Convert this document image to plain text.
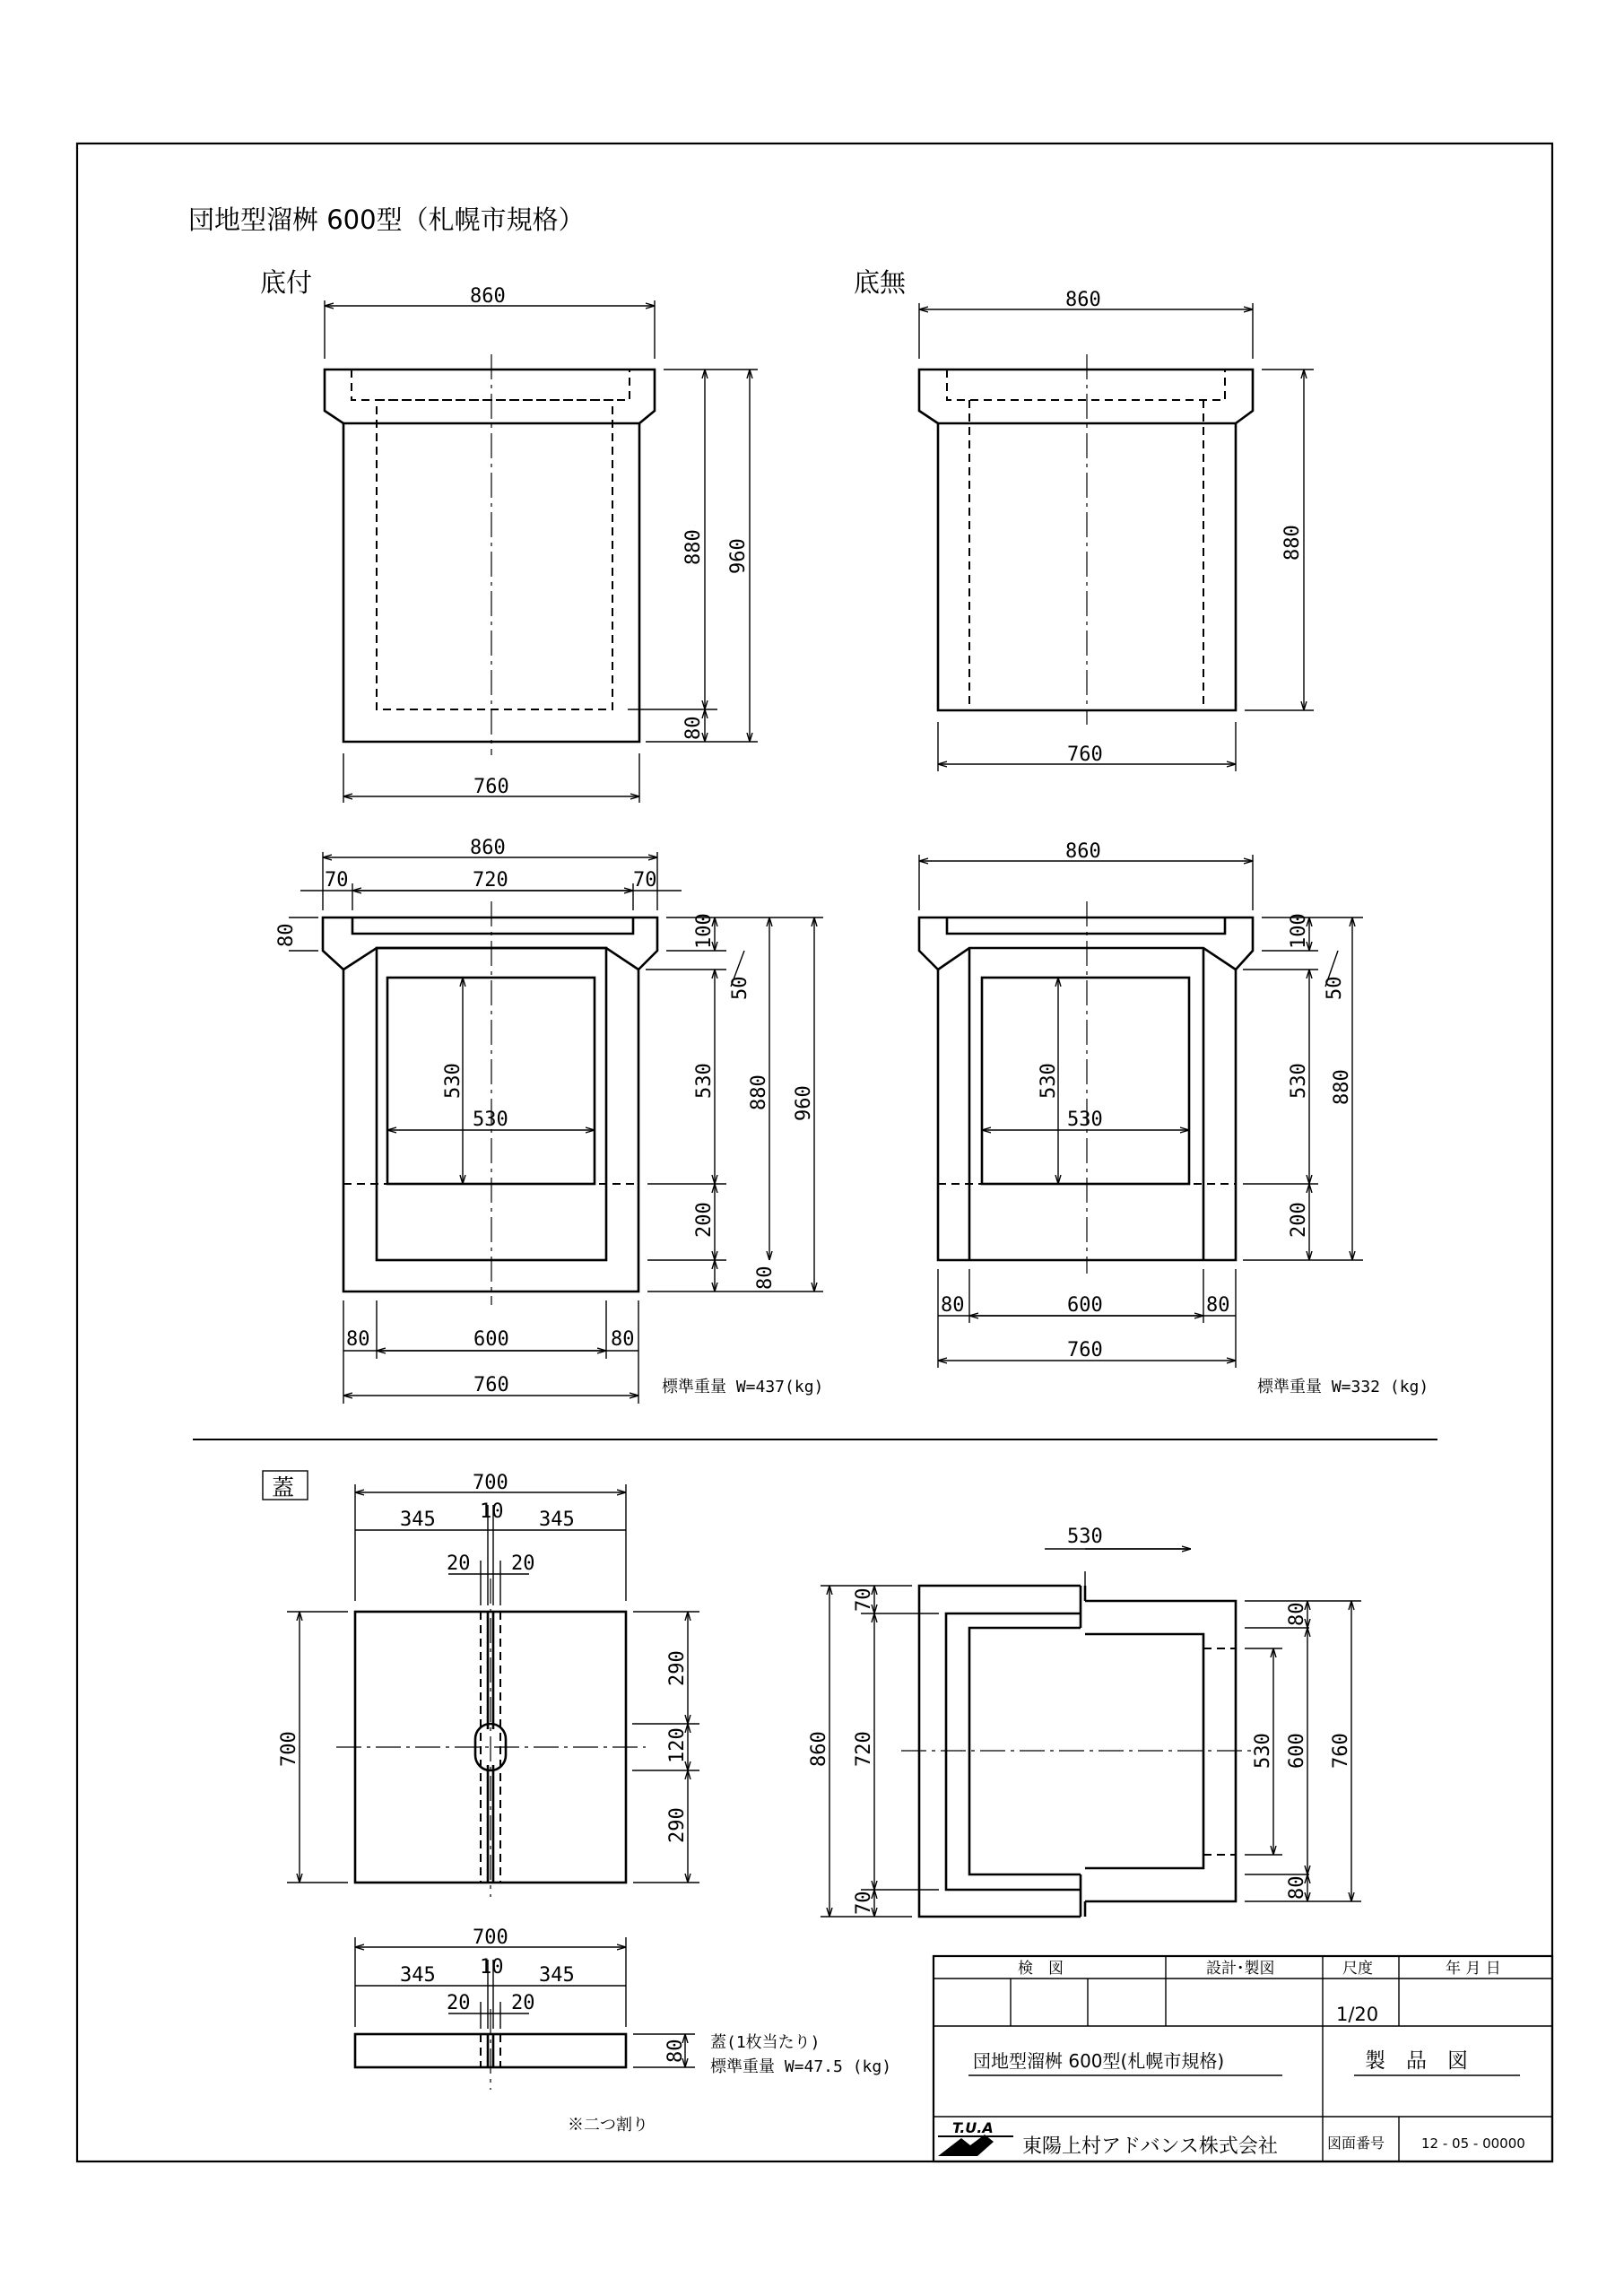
団地型溜桝 600型（札幌市規格）
底付	底無
860
760
880
80
960
860
760
880
860
70	720	70
80
530
530
100
50
530
200
80
880 960
80	600	80
760	標準重量 W=437(kg)
860
530
530
100
50
530
200
880
80	600	80
760
標準重量 W=332 (kg)
蓋	700
345 10 345
20 20
700
290
120
290
700
345 10 345
20 20
80 蓋(1枚当たり)
標準重量 W=47.5 (kg)
※二つ割り
530
860
70
720
70
530
80
600
80
760
検　図	設計･製図	尺度	年 月 日
1/20
団地型溜桝 600型(札幌市規格)	製　品　図
T.U.A
東陽上村アドバンス株式会社	図面番号	12 - 05 - 00000
